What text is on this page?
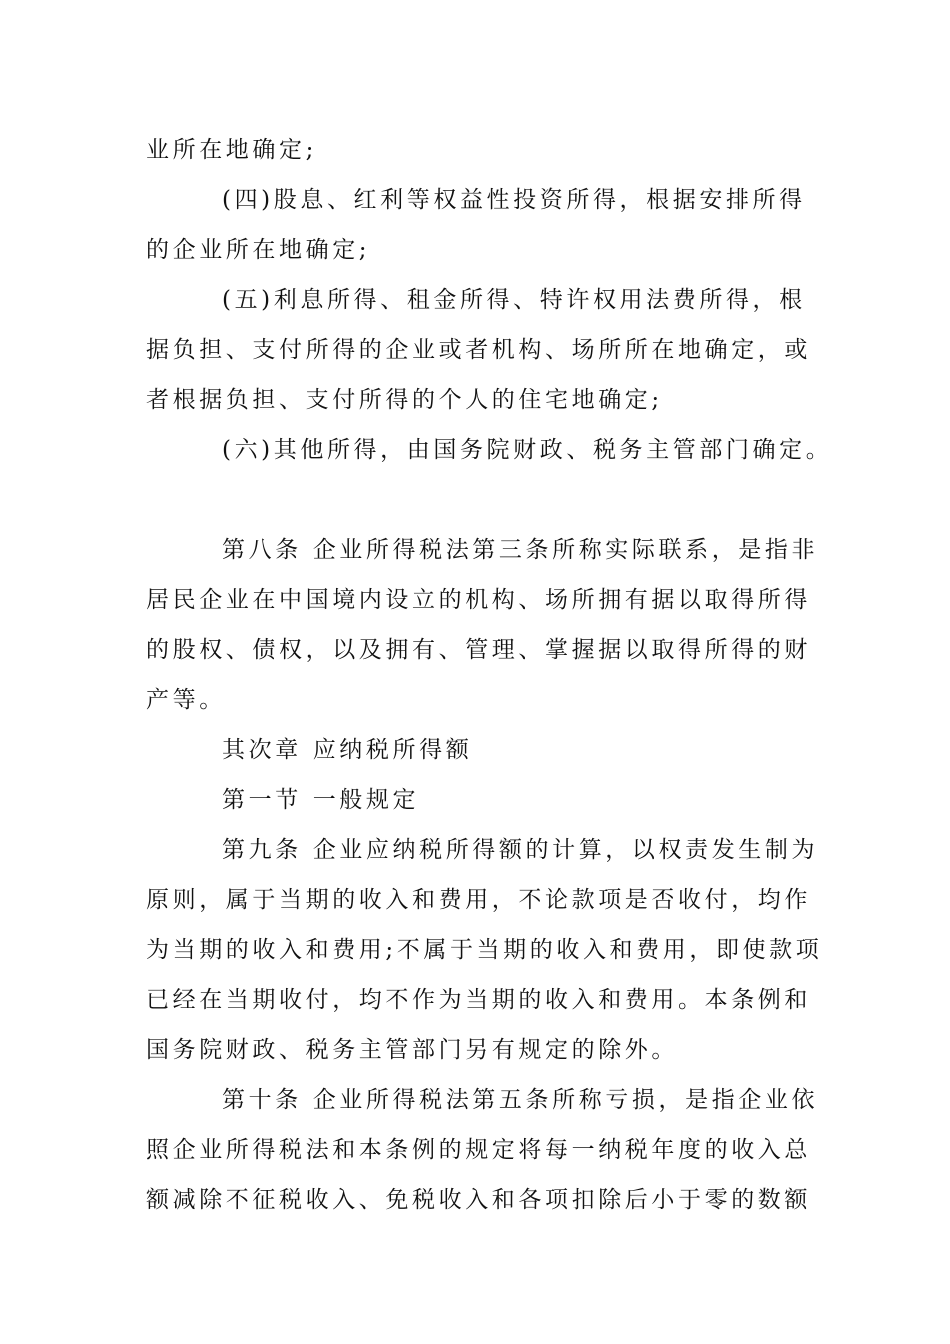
业所在地确定;
(四)股息、红利等权益性投资所得，根据安排所得
的企业所在地确定;
(五)利息所得、租金所得、特许权用法费所得，根
据负担、支付所得的企业或者机构、场所所在地确定，或
者根据负担、支付所得的个人的住宅地确定;
(六)其他所得，由国务院财政、税务主管部门确定。
第八条 企业所得税法第三条所称实际联系，是指非
居民企业在中国境内设立的机构、场所拥有据以取得所得
的股权、债权，以及拥有、管理、掌握据以取得所得的财
产等。
其次章 应纳税所得额
第一节 一般规定
第九条 企业应纳税所得额的计算，以权责发生制为
原则，属于当期的收入和费用，不论款项是否收付，均作
为当期的收入和费用;不属于当期的收入和费用，即使款项
已经在当期收付，均不作为当期的收入和费用。本条例和
国务院财政、税务主管部门另有规定的除外。
第十条 企业所得税法第五条所称亏损，是指企业依
照企业所得税法和本条例的规定将每一纳税年度的收入总
额减除不征税收入、免税收入和各项扣除后小于零的数额
